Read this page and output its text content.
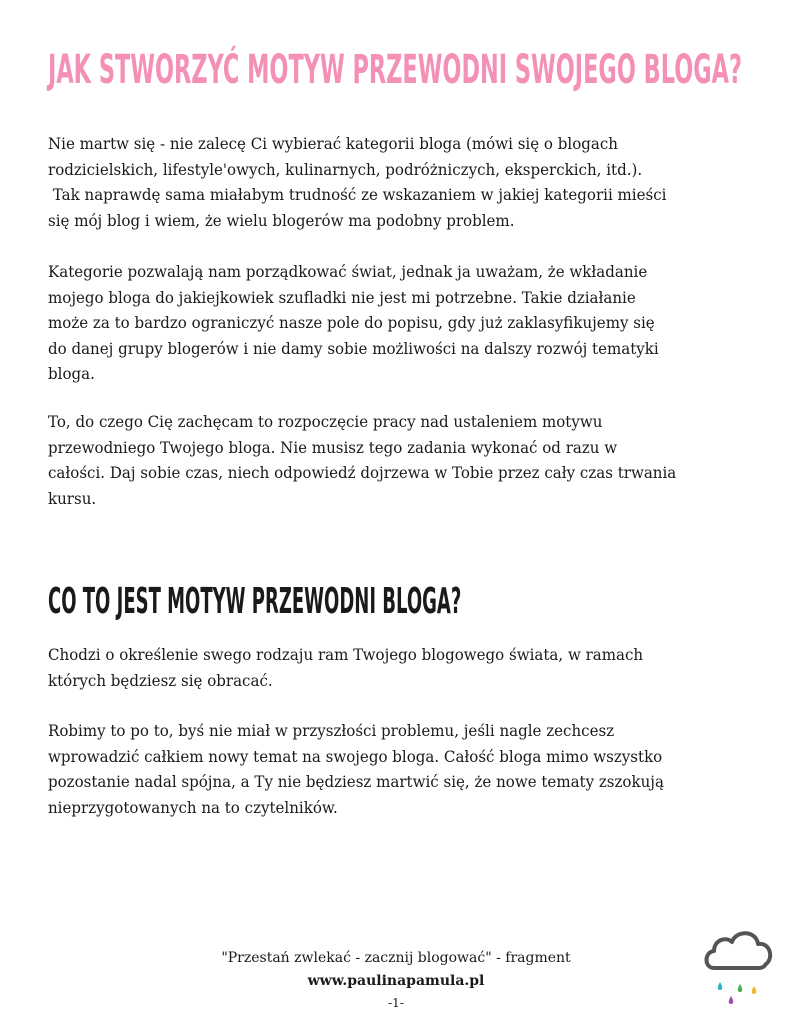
JAK STWORZYĆ MOTYW PRZEWODNI SWOJEGO BLOGA?

Nie martw się - nie zalecę Ci wybierać kategorii bloga (mówi się o blogach
rodzicielskich, lifestyle'owych, kulinarnych, podróżniczych, eksperckich, itd.).
Tak naprawdę sama miałabym trudność ze wskazaniem w jakiej kategorii mieści
się mój blog i wiem, że wielu blogerów ma podobny problem.

Kategorie pozwalają nam porządkować świat, jednak ja uważam, że wkładanie
mojego bloga do jakiejkowiek szufladki nie jest mi potrzebne. Takie działanie
może za to bardzo ograniczyć nasze pole do popisu, gdy już zaklasyfikujemy się
do danej grupy blogerów i nie damy sobie możliwości na dalszy rozwój tematyki
bloga.

To, do czego Cię zachęcam to rozpoczęcie pracy nad ustaleniem motywu
przewodniego Twojego bloga. Nie musisz tego zadania wykonać od razu w
całości. Daj sobie czas, niech odpowiedź dojrzewa w Tobie przez cały czas trwania
kursu.

CO TO JEST MOTYW PRZEWODNI BLOGA?

Chodzi o określenie swego rodzaju ram Twojego blogowego świata, w ramach
których będziesz się obracać.

Robimy to po to, byś nie miał w przyszłości problemu, jeśli nagle zechcesz
wprowadzić całkiem nowy temat na swojego bloga. Całość bloga mimo wszystko
pozostanie nadal spójna, a Ty nie będziesz martwić się, że nowe tematy zszokują
nieprzygotowanych na to czytelników.

"Przestań zwlekać - zacznij blogować" - fragment

www.paulinapamula.pl

-1-
